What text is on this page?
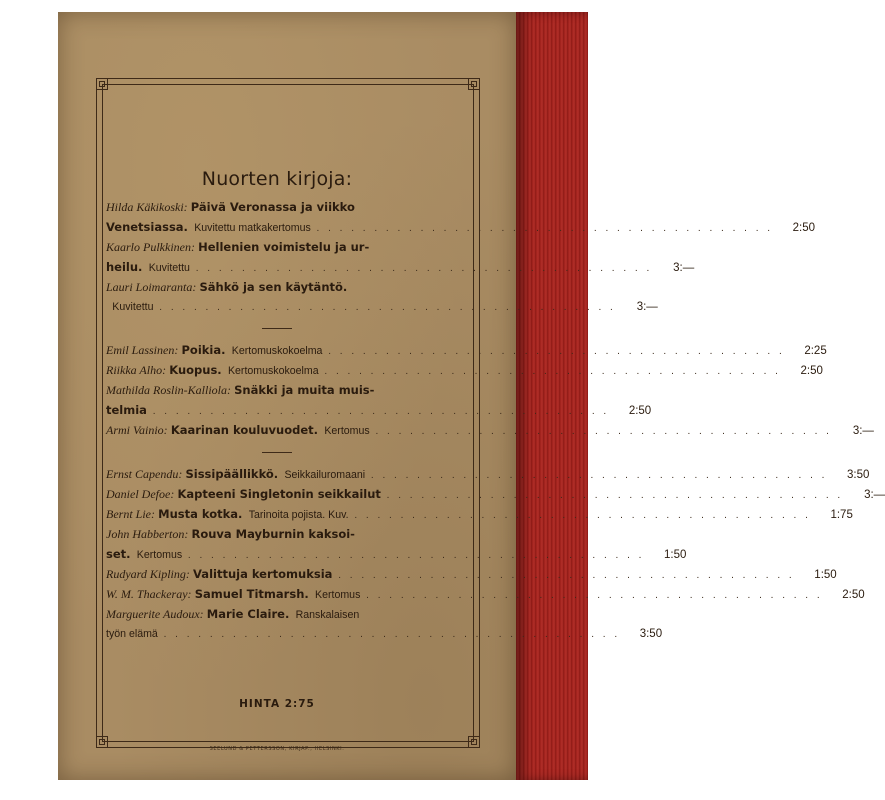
Nuorten kirjoja:
Hilda Käkikoski:
Päivä Veronassa ja viikko
Venetsiassa.
Kuvitettu matkakertomus . . . . . . . . . . . . . . . . . . . . . . . . . . . . . . . . . . . . . . . .	2:50
Kaarlo Pulkkinen:
Hellenien voimistelu ja ur-
heilu.
Kuvitettu . . . . . . . . . . . . . . . . . . . . . . . . . . . . . . . . . . . . . . . .	3:—
Lauri Loimaranta:
Sähkö ja sen käytäntö.

Kuvitettu . . . . . . . . . . . . . . . . . . . . . . . . . . . . . . . . . . . . . . . .	3:—
Emil Lassinen:
Poikia.
Kertomuskokoelma . . . . . . . . . . . . . . . . . . . . . . . . . . . . . . . . . . . . . . . .	2:25
Riikka Alho:
Kuopus.
Kertomuskokoelma . . . . . . . . . . . . . . . . . . . . . . . . . . . . . . . . . . . . . . . .	2:50
Mathilda Roslin-Kalliola:
Snäkki ja muita muis-
telmia . . . . . . . . . . . . . . . . . . . . . . . . . . . . . . . . . . . . . . . .	2:50
Armi Vainio:
Kaarinan kouluvuodet.
Kertomus . . . . . . . . . . . . . . . . . . . . . . . . . . . . . . . . . . . . . . . .	3:—
Ernst Capendu:
Sissipäällikkö.
Seikkailuromaani . . . . . . . . . . . . . . . . . . . . . . . . . . . . . . . . . . . . . . . .	3:50
Daniel Defoe:
Kapteeni Singletonin seikkailut . . . . . . . . . . . . . . . . . . . . . . . . . . . . . . . . . . . . . . . .	3:—
Bernt Lie:
Musta kotka.
Tarinoita pojista. Kuv. . . . . . . . . . . . . . . . . . . . . . . . . . . . . . . . . . . . . . . . .	1:75
John Habberton:
Rouva Mayburnin kaksoi-
set.
Kertomus . . . . . . . . . . . . . . . . . . . . . . . . . . . . . . . . . . . . . . . .	1:50
Rudyard Kipling:
Valittuja kertomuksia . . . . . . . . . . . . . . . . . . . . . . . . . . . . . . . . . . . . . . . .	1:50
W. M. Thackeray:
Samuel Titmarsh.
Kertomus . . . . . . . . . . . . . . . . . . . . . . . . . . . . . . . . . . . . . . . .	2:50
Marguerite Audoux:
Marie Claire.
Ranskalaisen
työn elämä . . . . . . . . . . . . . . . . . . . . . . . . . . . . . . . . . . . . . . . .	3:50
HINTA 2:75
SEELUND & PETTERSSON, KIRJAP., HELSINKI.
